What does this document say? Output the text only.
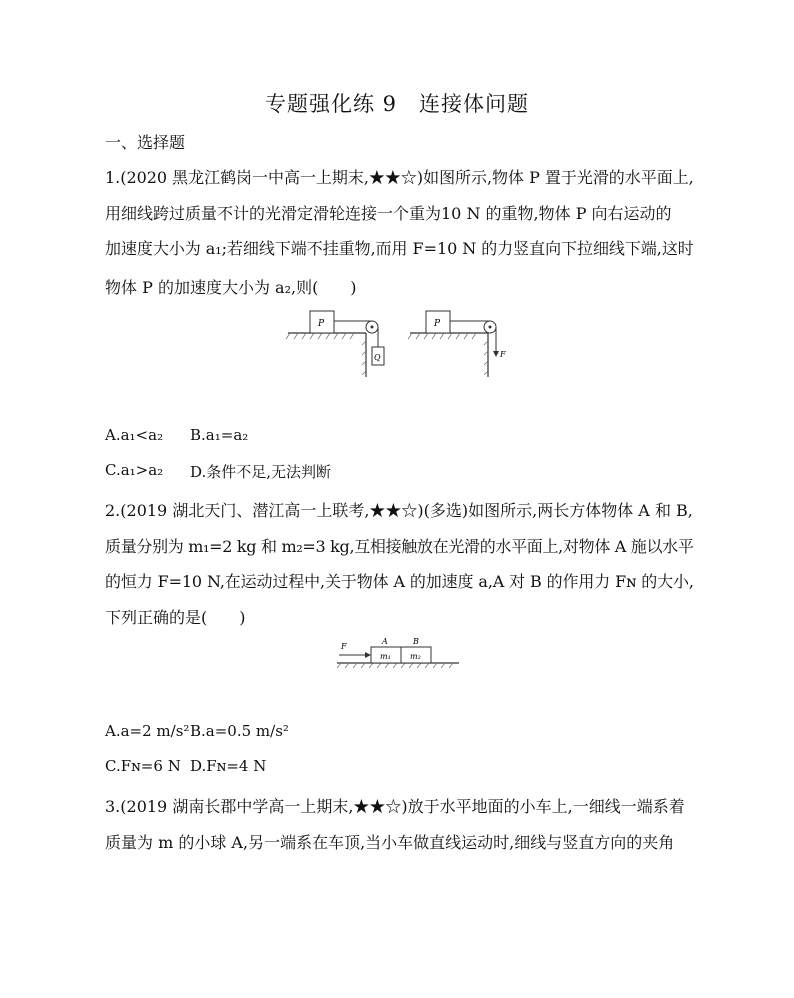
专题强化练 9　连接体问题
一、选择题
1.(2020 黑龙江鹤岗一中高一上期末,★★☆)如图所示,物体 P 置于光滑的水平面上,
用细线跨过质量不计的光滑定滑轮连接一个重为10 N 的重物,物体 P 向右运动的
加速度大小为 a₁;若细线下端不挂重物,而用 F=10 N 的力竖直向下拉细线下端,这时
物体 P 的加速度大小为 a₂,则(　　)
P
Q
P
F
A.a₁<a₂ B.a₁=a₂
C.a₁>a₂ D.条件不足,无法判断
2.(2019 湖北天门、潜江高一上联考,★★☆)(多选)如图所示,两长方体物体 A 和 B,
质量分别为 m₁=2 kg 和 m₂=3 kg,互相接触放在光滑的水平面上,对物体 A 施以水平
的恒力 F=10 N,在运动过程中,关于物体 A 的加速度 a,A 对 B 的作用力 Fɴ 的大小,
下列正确的是(　　)
F
A	B
m₁ m₂
A.a=2 m/s² B.a=0.5 m/s²
C.Fɴ=6 N D.Fɴ=4 N
3.(2019 湖南长郡中学高一上期末,★★☆)放于水平地面的小车上,一细线一端系着
质量为 m 的小球 A,另一端系在车顶,当小车做直线运动时,细线与竖直方向的夹角
